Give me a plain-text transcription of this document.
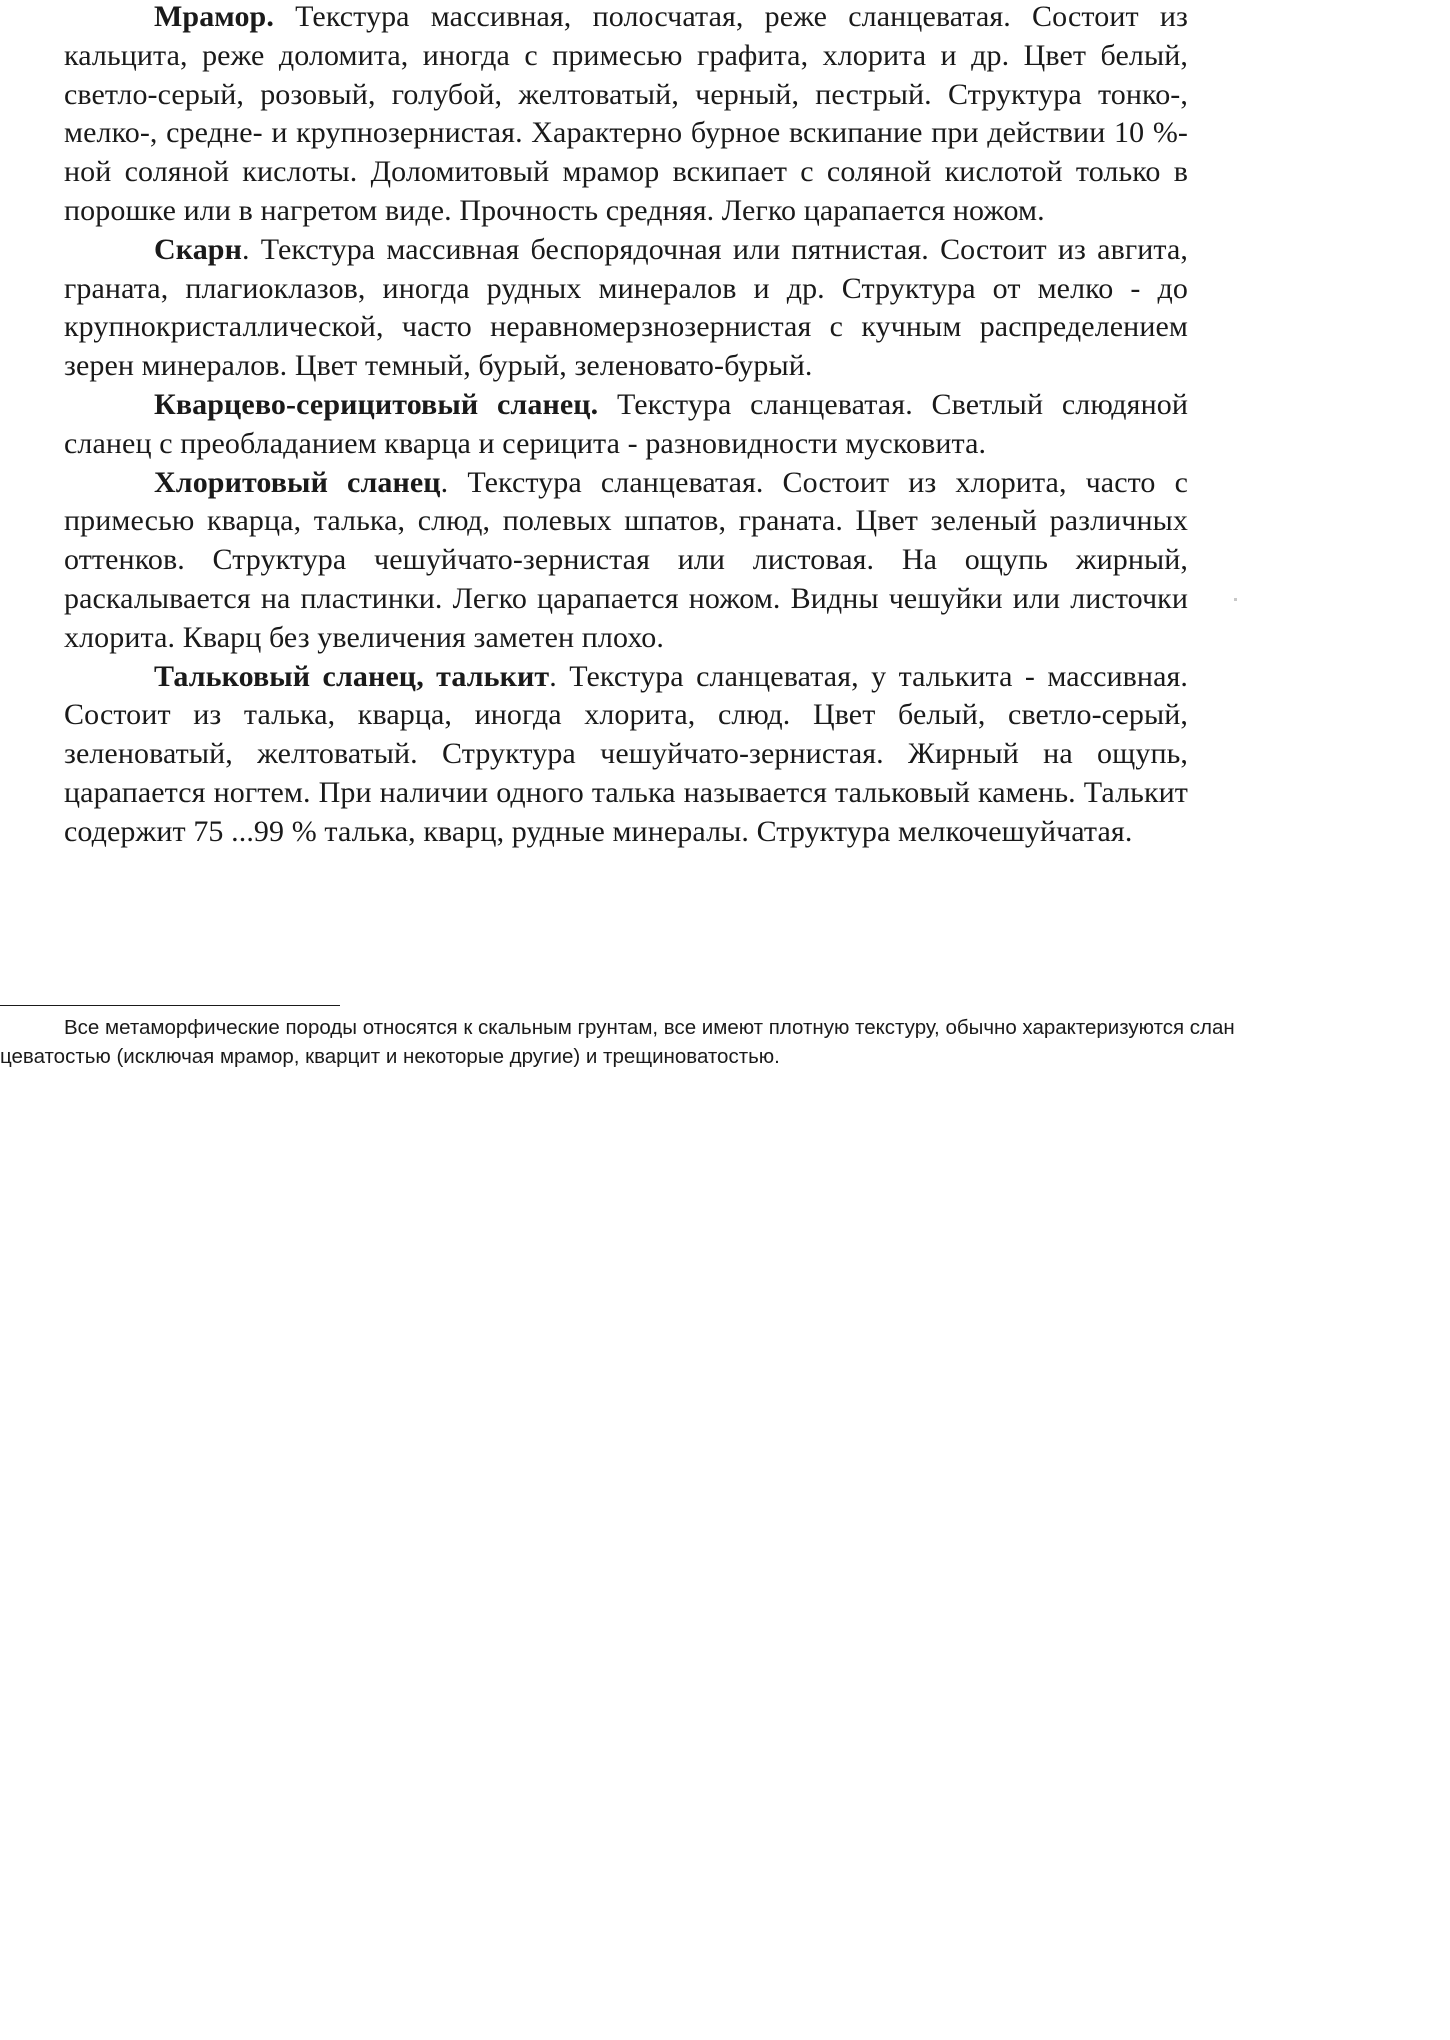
Мрамор. Текстура массивная, полосчатая, реже сланцеватая. Состоит из кальцита, реже доломита, иногда с примесью графита, хлорита и др. Цвет белый, светло-серый, розовый, голубой, желтоватый, черный, пестрый. Структура тонко-, мелко-, средне- и крупнозернистая. Характерно бурное вскипание при действии 10 %-ной соляной кислоты. Доломитовый мрамор вскипает с соляной кислотой только в порошке или в нагретом виде. Прочность средняя. Легко царапается ножом.

Скарн. Текстура массивная беспорядочная или пятнистая. Состоит из авгита, граната, плагиоклазов, иногда рудных минералов и др. Структура от мелко - до крупнокристаллической, часто неравномерзнозернистая с кучным распределением зерен минералов. Цвет темный, бурый, зеленовато-бурый.

Кварцево-серицитовый сланец. Текстура сланцеватая. Светлый слюдяной сланец с преобладанием кварца и серицита - разновидности мусковита.

Хлоритовый сланец. Текстура сланцеватая. Состоит из хлорита, часто с примесью кварца, талька, слюд, полевых шпатов, граната. Цвет зеленый различных оттенков. Структура чешуйчато-зернистая или листовая. На ощупь жирный, раскалывается на пластинки. Легко царапается ножом. Видны чешуйки или листочки хлорита. Кварц без увеличения заметен плохо.

Тальковый сланец, талькит. Текстура сланцеватая, у талькита - массивная. Состоит из талька, кварца, иногда хлорита, слюд. Цвет белый, светло-серый, зеленоватый, желтоватый. Структура чешуйчато-зернистая. Жирный на ощупь, царапается ногтем. При наличии одного талька называется тальковый камень. Талькит содержит 75 ...99 % талька, кварц, рудные минералы. Структура мелкочешуйчатая.

Все метаморфические породы относятся к скальным грунтам, все имеют плотную текстуру, обычно характеризуются сланцеватостью (исключая мрамор, кварцит и некоторые другие) и трещиноватостью.
